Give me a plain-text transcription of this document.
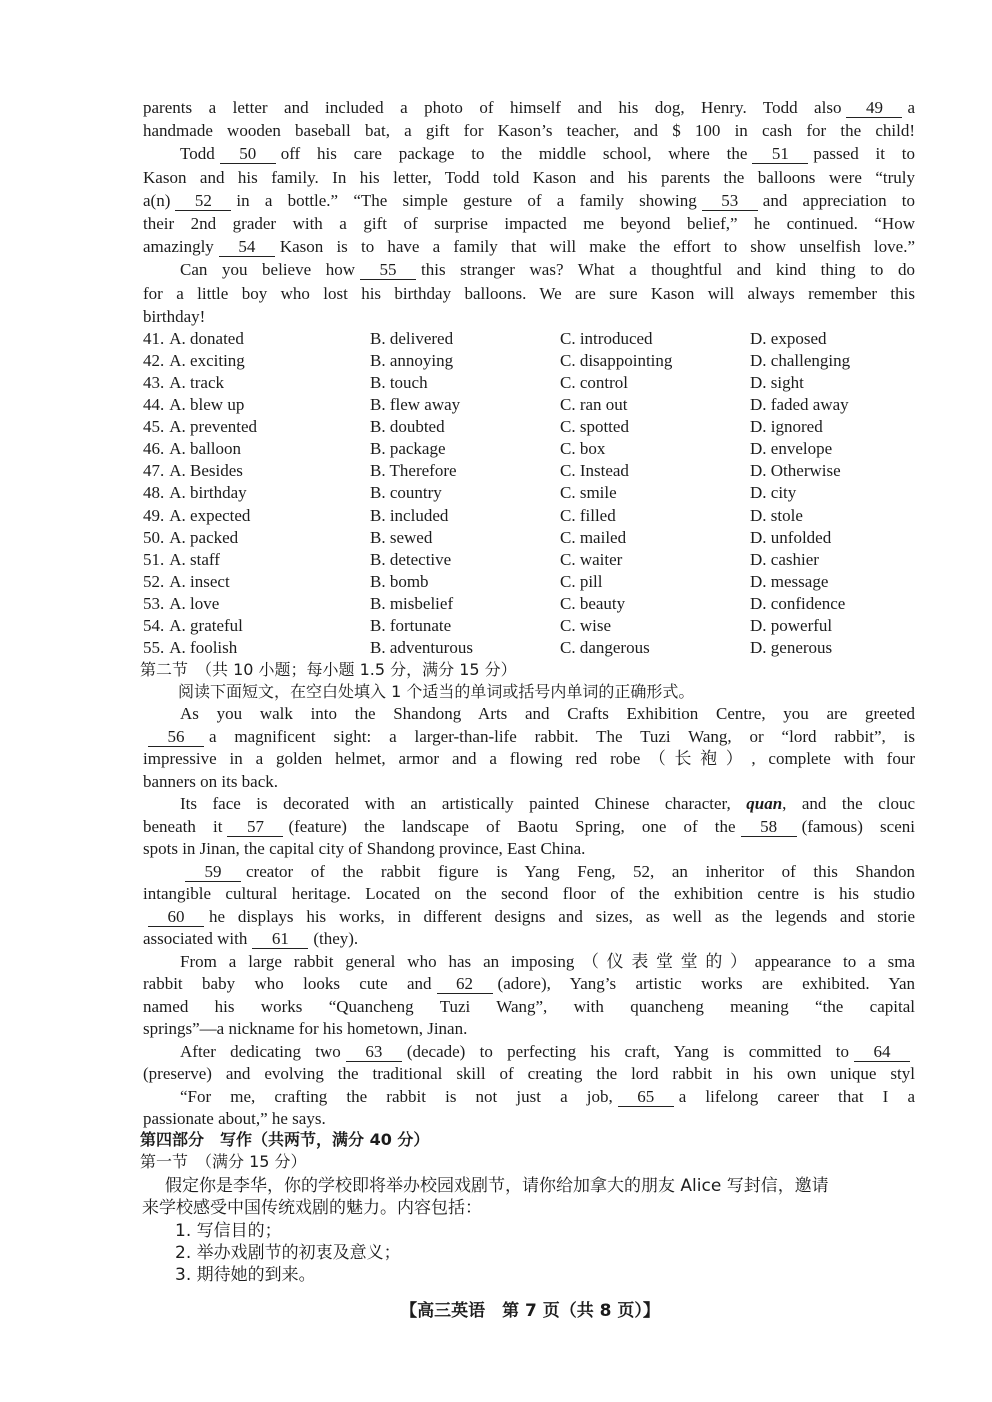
parents a letter and included a photo of himself and his dog, Henry. Todd also 49 a
handmade wooden baseball bat, a gift for Kason’s teacher, and $ 100 in cash for the child!
Todd 50 off his care package to the middle school, where the 51 passed it to
Kason and his family. In his letter, Todd told Kason and his parents the balloons were “truly
a(n) 52 in a bottle.” “The simple gesture of a family showing 53 and appreciation to
their 2nd grader with a gift of surprise impacted me beyond belief,” he continued. “How
amazingly 54 Kason is to have a family that will make the effort to show unselfish love.”
Can you believe how 55 this stranger was? What a thoughtful and kind thing to do
for a little boy who lost his birthday balloons. We are sure Kason will always remember this
birthday!
41. A. donated	B. delivered	C. introduced	D. exposed
42. A. exciting	B. annoying	C. disappointing	D. challenging
43. A. track	B. touch	C. control	D. sight
44. A. blew up	B. flew away	C. ran out	D. faded away
45. A. prevented	B. doubted	C. spotted	D. ignored
46. A. balloon	B. package	C. box	D. envelope
47. A. Besides	B. Therefore	C. Instead	D. Otherwise
48. A. birthday	B. country	C. smile	D. city
49. A. expected	B. included	C. filled	D. stole
50. A. packed	B. sewed	C. mailed	D. unfolded
51. A. staff	B. detective	C. waiter	D. cashier
52. A. insect	B. bomb	C. pill	D. message
53. A. love	B. misbelief	C. beauty	D. confidence
54. A. grateful	B. fortunate	C. wise	D. powerful
55. A. foolish	B. adventurous	C. dangerous	D. generous
第二节　（共 10 小题；每小题 1.5 分，满分 15 分）
阅读下面短文，在空白处填入 1 个适当的单词或括号内单词的正确形式。
As you walk into the Shandong Arts and Crafts Exhibition Centre, you are greeted
56 a magnificent sight: a larger-than-life rabbit. The Tuzi Wang, or “lord rabbit”, is
impressive in a golden helmet, armor and a flowing red robe（长袍）, complete with four
banners on its back.
Its face is decorated with an artistically painted Chinese character, quan, and the clouc
beneath it 57 (feature) the landscape of Baotu Spring, one of the 58 (famous) sceni
spots in Jinan, the capital city of Shandong province, East China.
59 creator of the rabbit figure is Yang Feng, 52, an inheritor of this Shandon
intangible cultural heritage. Located on the second floor of the exhibition centre is his studio
60 he displays his works, in different designs and sizes, as well as the legends and storie
associated with 61 (they).
From a large rabbit general who has an imposing（仪表堂堂的）appearance to a sma
rabbit baby who looks cute and 62 (adore), Yang’s artistic works are exhibited. Yan
named his works “Quancheng Tuzi Wang”, with quancheng meaning “the capital
springs”—a nickname for his hometown, Jinan.
After dedicating two 63 (decade) to perfecting his craft, Yang is committed to 64
(preserve) and evolving the traditional skill of creating the lord rabbit in his own unique styl
“For me, crafting the rabbit is not just a job, 65 a lifelong career that I a
passionate about,” he says.
第四部分　写作（共两节，满分 40 分）
第一节　（满分 15 分）
假定你是李华，你的学校即将举办校园戏剧节，请你给加拿大的朋友 Alice 写封信，邀请
来学校感受中国传统戏剧的魅力。内容包括：
1. 写信目的；
2. 举办戏剧节的初衷及意义；
3. 期待她的到来。
【高三英语　第 7 页（共 8 页）】
